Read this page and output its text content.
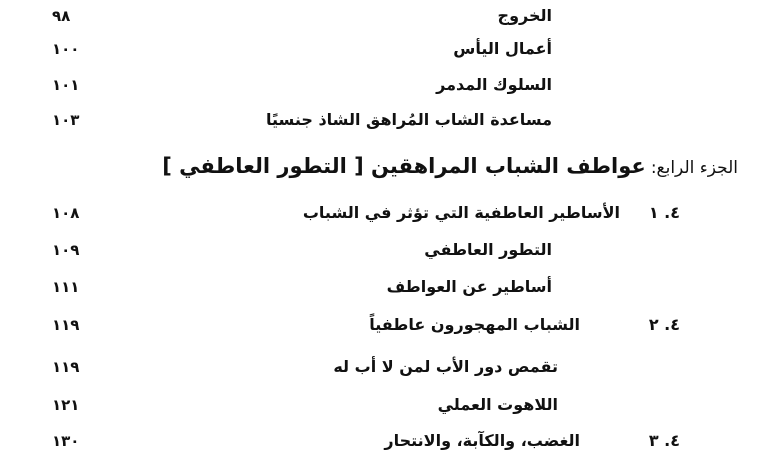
الخروج
٩٨
أعمال اليأس
١٠٠
السلوك المدمر
١٠١
مساعدة الشاب المُراهق الشاذ جنسيًا
١٠٣
الجزء الرابع: عواطف الشباب المراهقين [ التطور العاطفي ]
٤. ١
الأساطير العاطفية التي تؤثر في الشباب
١٠٨
التطور العاطفي
١٠٩
أساطير عن العواطف
١١١
٤. ٢
الشباب المهجورون عاطفياً
١١٩
تقمص دور الأب لمن لا أب له
١١٩
اللاهوت العملي
١٢١
٤. ٣
الغضب، والكآبة، والانتحار
١٣٠
